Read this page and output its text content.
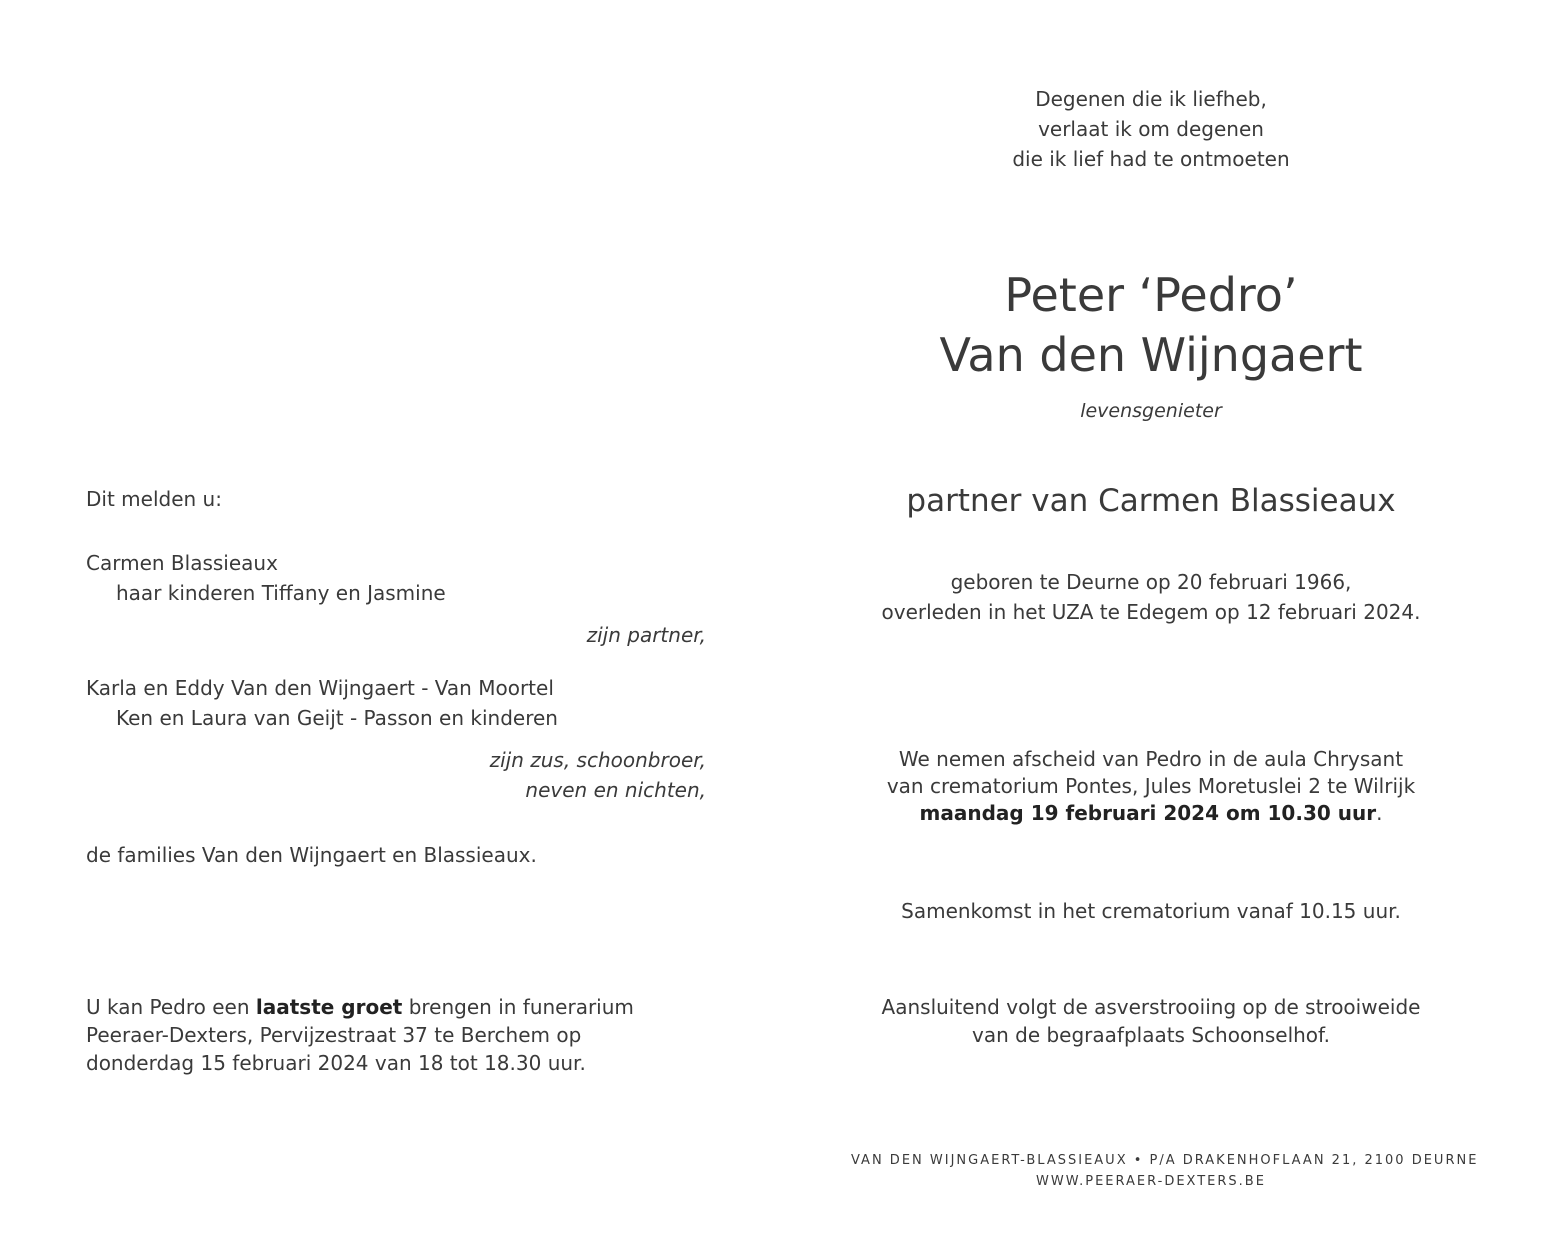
Degenen die ik liefheb,
verlaat ik om degenen
die ik lief had te ontmoeten
Peter ‘Pedro’
Van den Wijngaert
levensgenieter
partner van Carmen Blassieaux
geboren te Deurne op 20 februari 1966,
overleden in het UZA te Edegem op 12 februari 2024.
We nemen afscheid van Pedro in de aula Chrysant
van crematorium Pontes, Jules Moretuslei 2 te Wilrijk
maandag 19 februari 2024 om 10.30 uur.
Samenkomst in het crematorium vanaf 10.15 uur.
Aansluitend volgt de asverstrooiing op de strooiweide
van de begraafplaats Schoonselhof.
VAN DEN WIJNGAERT-BLASSIEAUX • P/A DRAKENHOFLAAN 21, 2100 DEURNE
WWW.PEERAER-DEXTERS.BE
Dit melden u:
Carmen Blassieaux
haar kinderen Tiffany en Jasmine
zijn partner,
Karla en Eddy Van den Wijngaert - Van Moortel
Ken en Laura van Geijt - Passon en kinderen
zijn zus, schoonbroer,
neven en nichten,
de families Van den Wijngaert en Blassieaux.
U kan Pedro een laatste groet brengen in funerarium
Peeraer-Dexters, Pervijzestraat 37 te Berchem op
donderdag 15 februari 2024 van 18 tot 18.30 uur.
